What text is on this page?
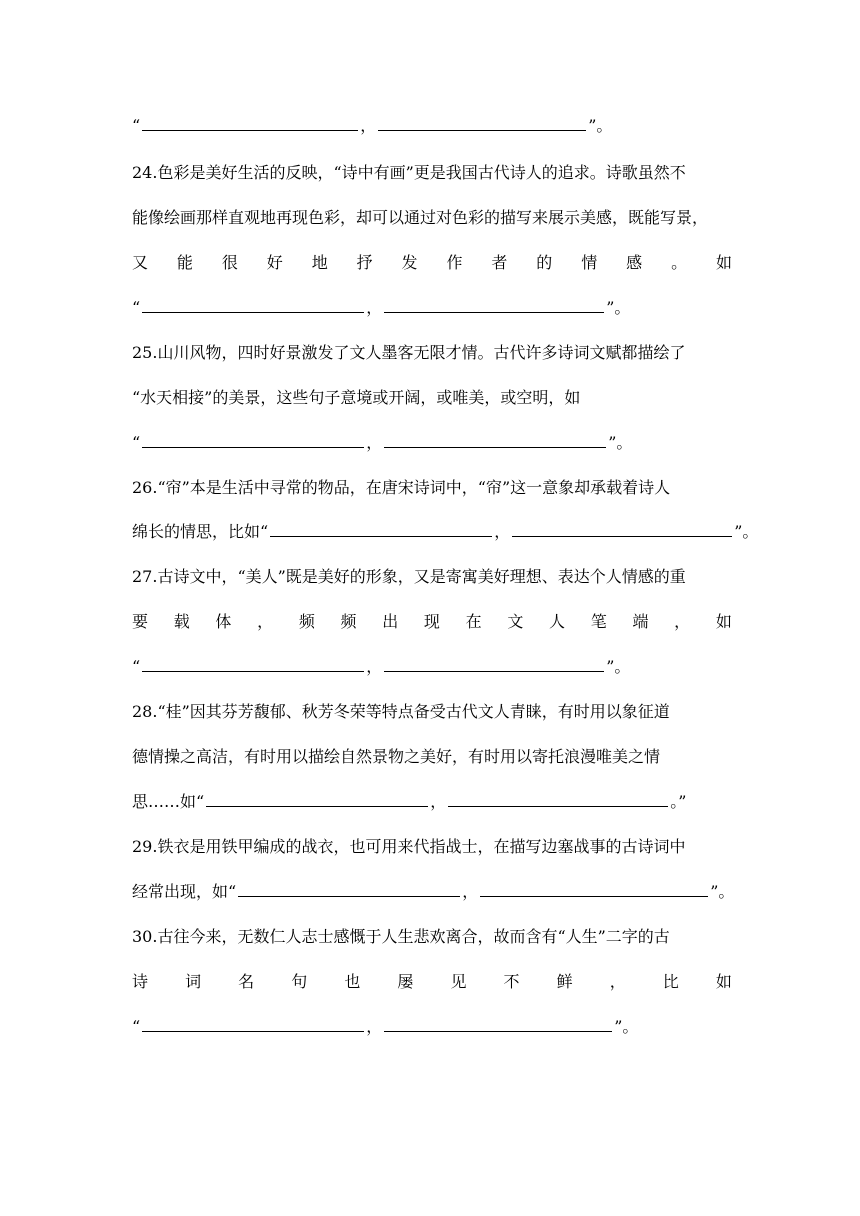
“	，	”。
24.色彩是美好生活的反映，“诗中有画”更是我国古代诗人的追求。诗歌虽然不
能像绘画那样直观地再现色彩，却可以通过对色彩的描写来展示美感，既能写景，
又 能 很 好 地 抒 发 作 者 的 情 感 。 如
“	，	”。
25.山川风物，四时好景激发了文人墨客无限才情。古代许多诗词文赋都描绘了
“水天相接”的美景，这些句子意境或开阔，或唯美，或空明，如
“	，	”。
26.“帘”本是生活中寻常的物品，在唐宋诗词中，“帘”这一意象却承载着诗人
绵长的情思，比如“	，	”。
27.古诗文中，“美人”既是美好的形象，又是寄寓美好理想、表达个人情感的重
要 载 体 ， 频 频 出 现 在 文 人 笔 端 ， 如
“	，	”。
28.“桂”因其芬芳馥郁、秋芳冬荣等特点备受古代文人青睐，有时用以象征道
德情操之高洁，有时用以描绘自然景物之美好，有时用以寄托浪漫唯美之情
思……如“	，	。”
29.铁衣是用铁甲编成的战衣，也可用来代指战士，在描写边塞战事的古诗词中
经常出现，如“	，	”。
30.古往今来，无数仁人志士感慨于人生悲欢离合，故而含有“人生”二字的古
诗 词 名 句 也 屡 见 不 鲜 ， 比 如
“	，	”。
